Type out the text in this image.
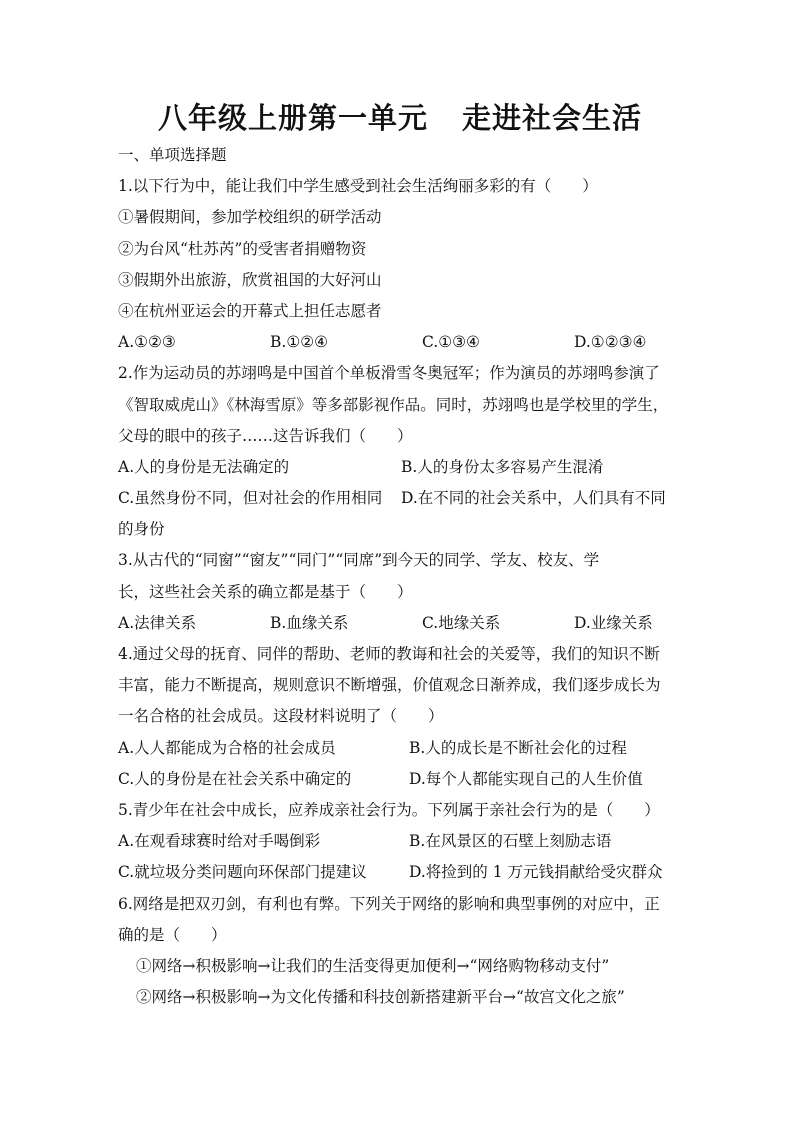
八年级上册第一单元 走进社会生活
一、单项选择题
1.以下行为中，能让我们中学生感受到社会生活绚丽多彩的有（　　）
①暑假期间，参加学校组织的研学活动
②为台风“杜苏芮”的受害者捐赠物资
③假期外出旅游，欣赏祖国的大好河山
④在杭州亚运会的开幕式上担任志愿者
A.①②③	B.①②④	C.①③④	D.①②③④
2.作为运动员的苏翊鸣是中国首个单板滑雪冬奥冠军；作为演员的苏翊鸣参演了
《智取威虎山》《林海雪原》等多部影视作品。同时，苏翊鸣也是学校里的学生，
父母的眼中的孩子……这告诉我们（　　）
A.人的身份是无法确定的	B.人的身份太多容易产生混淆
C.虽然身份不同，但对社会的作用相同	D.在不同的社会关系中，人们具有不同
的身份
3.从古代的“同窗”“窗友”“同门”“同席”到今天的同学、学友、校友、学
长，这些社会关系的确立都是基于（　　）
A.法律关系	B.血缘关系	C.地缘关系	D.业缘关系
4.通过父母的抚育、同伴的帮助、老师的教诲和社会的关爱等，我们的知识不断
丰富，能力不断提高，规则意识不断增强，价值观念日渐养成，我们逐步成长为
一名合格的社会成员。这段材料说明了（　　）
A.人人都能成为合格的社会成员	B.人的成长是不断社会化的过程
C.人的身份是在社会关系中确定的	D.每个人都能实现自己的人生价值
5.青少年在社会中成长，应养成亲社会行为。下列属于亲社会行为的是（　　）
A.在观看球赛时给对手喝倒彩	B.在风景区的石壁上刻励志语
C.就垃圾分类问题向环保部门提建议	D.将捡到的 1 万元钱捐献给受灾群众
6.网络是把双刃剑，有利也有弊。下列关于网络的影响和典型事例的对应中，正
确的是（　　）
①网络→积极影响→让我们的生活变得更加便利→“网络购物移动支付”
②网络→积极影响→为文化传播和科技创新搭建新平台→“故宫文化之旅”
